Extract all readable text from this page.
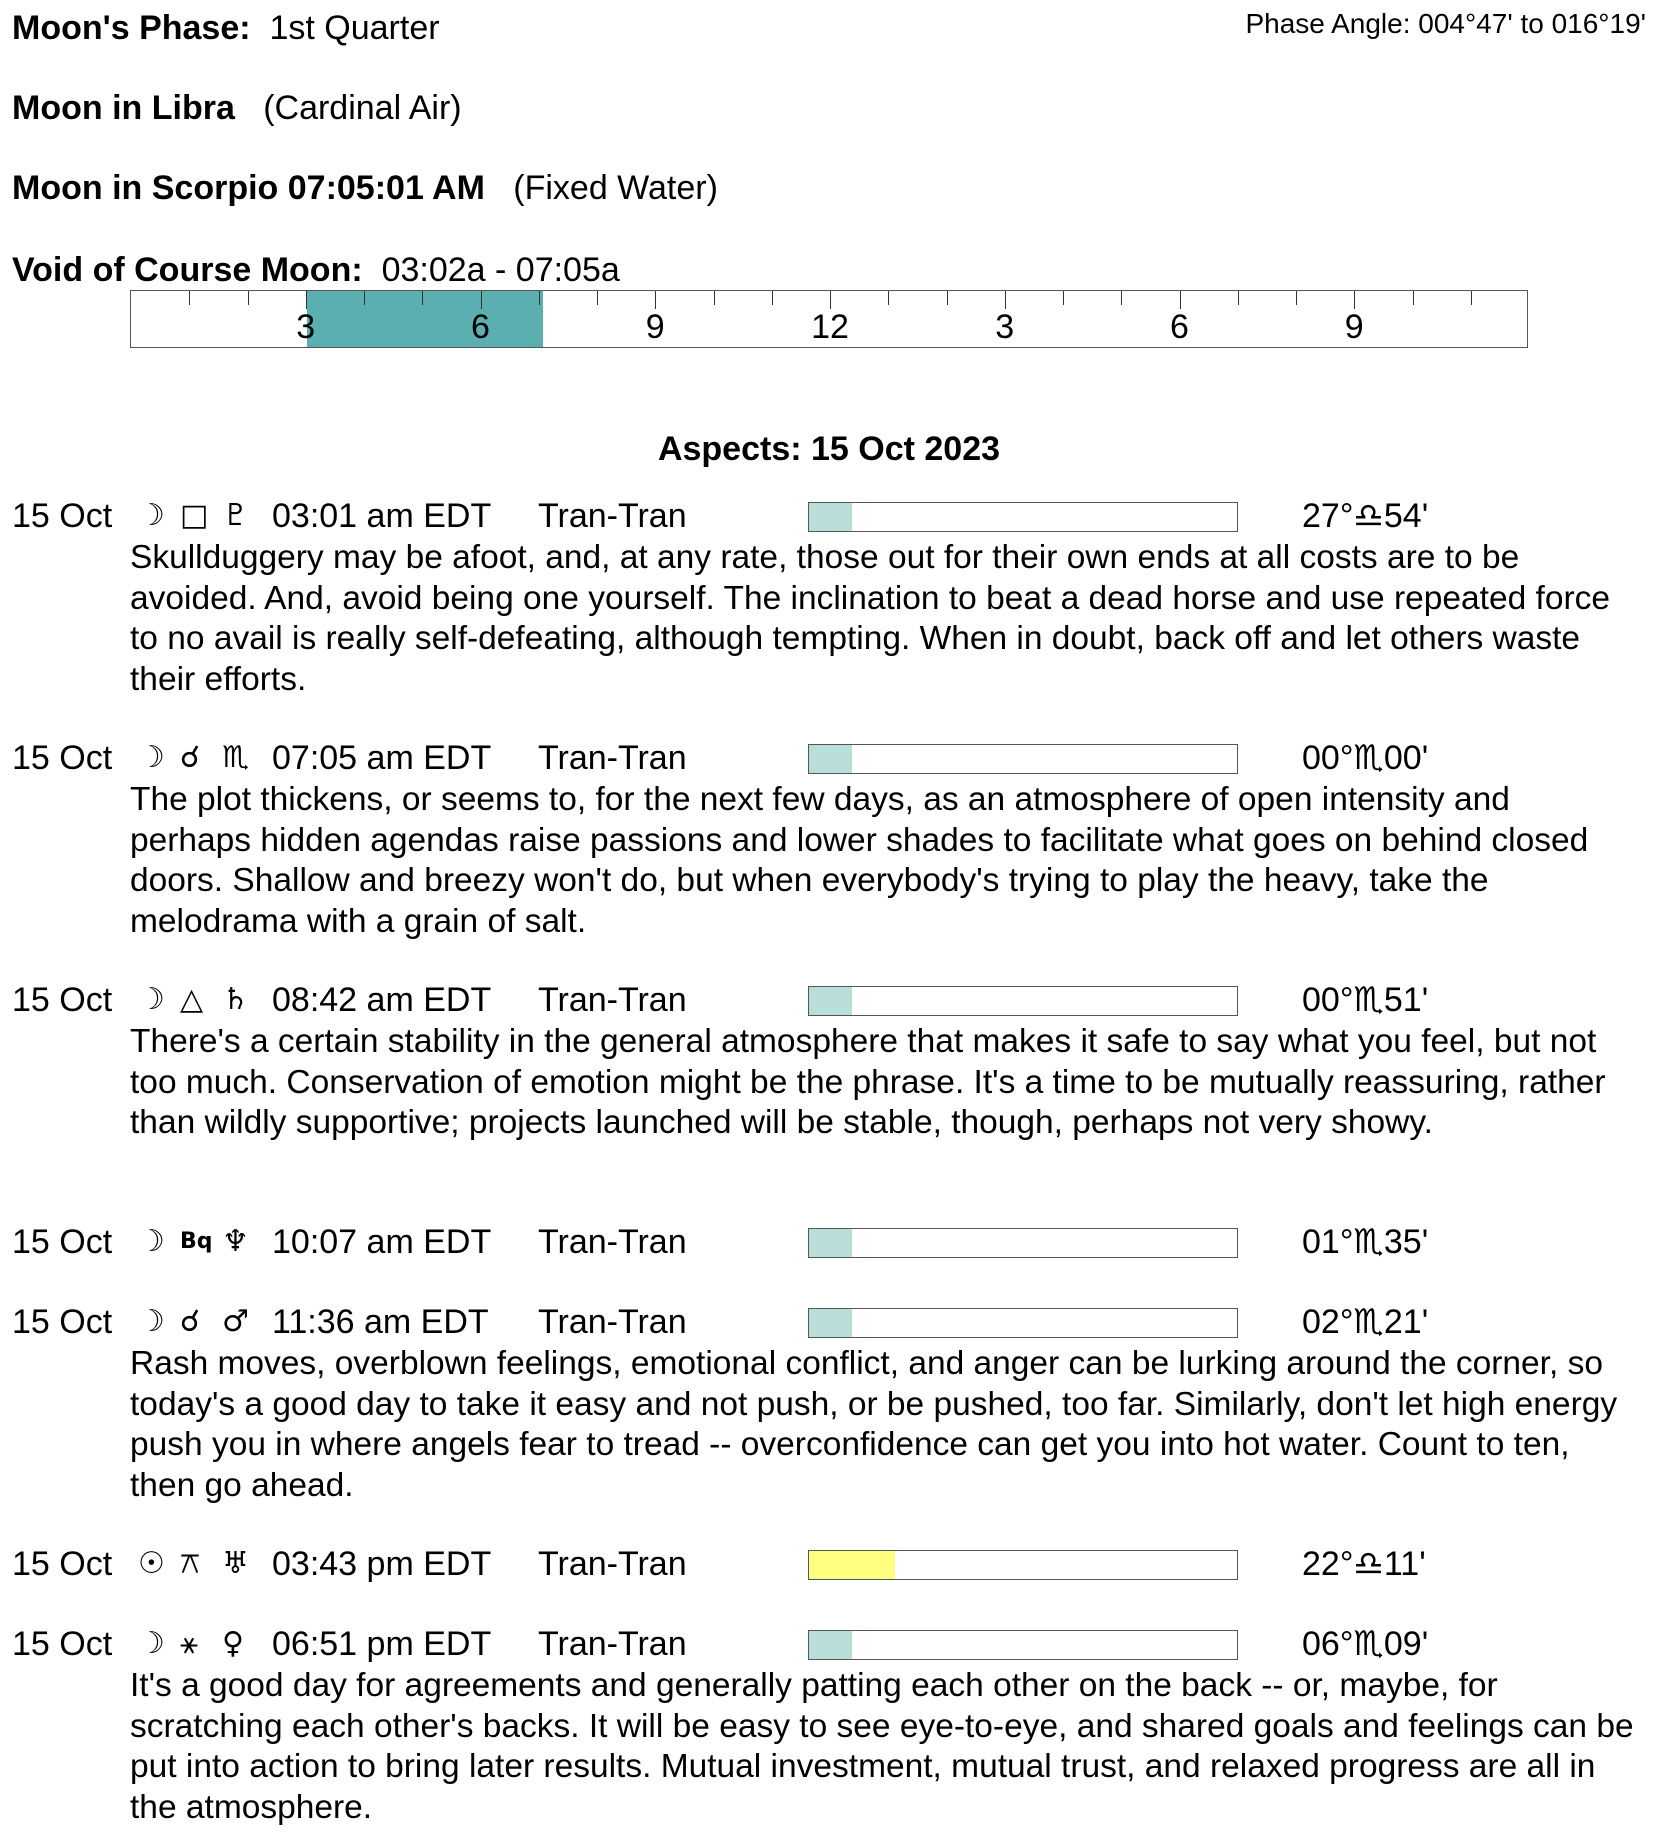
Moon's Phase: 1st Quarter	Phase Angle: 004°47' to 016°19'
Moon in Libra (Cardinal Air)
Moon in Scorpio 07:05:01 AM (Fixed Water)
Void of Course Moon: 03:02a - 07:05a
3	6	9	12	3	6	9
Aspects: 15 Oct 2023
15 Oct ☽ □ ♇ 03:01 am EDT Tran-Tran	27°♎54'
Skullduggery may be afoot, and, at any rate, those out for their own ends at all costs are to be avoided. And, avoid being one yourself. The inclination to beat a dead horse and use repeated force to no avail is really self-defeating, although tempting. When in doubt, back off and let others waste their efforts.
15 Oct ☽ ☌ ♏ 07:05 am EDT Tran-Tran	00°♏00'
The plot thickens, or seems to, for the next few days, as an atmosphere of open intensity and perhaps hidden agendas raise passions and lower shades to facilitate what goes on behind closed doors. Shallow and breezy won't do, but when everybody's trying to play the heavy, take the melodrama with a grain of salt.
15 Oct ☽ △ ♄ 08:42 am EDT Tran-Tran	00°♏51'
There's a certain stability in the general atmosphere that makes it safe to say what you feel, but not too much. Conservation of emotion might be the phrase. It's a time to be mutually reassuring, rather than wildly supportive; projects launched will be stable, though, perhaps not very showy.
15 Oct ☽ Bq ♆ 10:07 am EDT Tran-Tran	01°♏35'
15 Oct ☽ ☌ ♂ 11:36 am EDT Tran-Tran	02°♏21'
Rash moves, overblown feelings, emotional conflict, and anger can be lurking around the corner, so today's a good day to take it easy and not push, or be pushed, too far. Similarly, don't let high energy push you in where angels fear to tread -- overconfidence can get you into hot water. Count to ten, then go ahead.
15 Oct ☉ ⚻ ♅ 03:43 pm EDT Tran-Tran	22°♎11'
15 Oct ☽ ⚹ ♀ 06:51 pm EDT Tran-Tran	06°♏09'
It's a good day for agreements and generally patting each other on the back -- or, maybe, for scratching each other's backs. It will be easy to see eye-to-eye, and shared goals and feelings can be put into action to bring later results. Mutual investment, mutual trust, and relaxed progress are all in the atmosphere.
